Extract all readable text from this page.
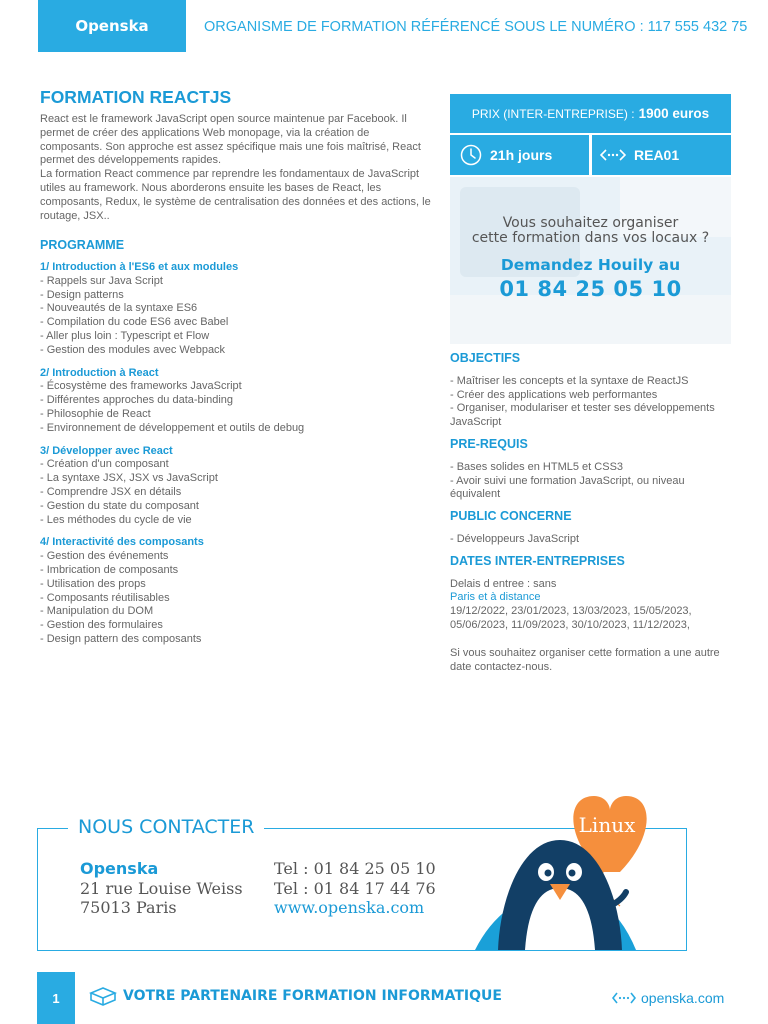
Openska	ORGANISME DE FORMATION RÉFÉRENCÉ SOUS LE NUMÉRO : 117 555 432 75
FORMATION REACTJS

React est le framework JavaScript open source maintenue par Facebook. Il permet de créer des applications Web monopage, via la création de composants. Son approche est assez spécifique mais une fois maîtrisé, React permet des développements rapides.

La formation React commence par reprendre les fondamentaux de JavaScript utiles au framework. Nous aborderons ensuite les bases de React, les composants, Redux, le système de centralisation des données et des actions, le routage, JSX..

PROGRAMME
1/ Introduction à l'ES6 et aux modules
- Rappels sur Java Script
- Design patterns
- Nouveautés de la syntaxe ES6
- Compilation du code ES6 avec Babel
- Aller plus loin : Typescript et Flow
- Gestion des modules avec Webpack
2/ Introduction à React
- Écosystème des frameworks JavaScript
- Différentes approches du data-binding
- Philosophie de React
- Environnement de développement et outils de debug
3/ Développer avec React
- Création d'un composant
- La syntaxe JSX, JSX vs JavaScript
- Comprendre JSX en détails
- Gestion du state du composant
- Les méthodes du cycle de vie
4/ Interactivité des composants
- Gestion des événements
- Imbrication de composants
- Utilisation des props
- Composants réutilisables
- Manipulation du DOM
- Gestion des formulaires
- Design pattern des composants
PRIX (INTER-ENTREPRISE) : 1900 euros
21h jours	REA01
Vous souhaitez organiser
cette formation dans vos locaux ?
Demandez Houily au
01 84 25 05 10
OBJECTIFS
- Maîtriser les concepts et la syntaxe de ReactJS
- Créer des applications web performantes
- Organiser, modulariser et tester ses développements JavaScript
PRE-REQUIS
- Bases solides en HTML5 et CSS3
- Avoir suivi une formation JavaScript, ou niveau équivalent
PUBLIC CONCERNE
- Développeurs JavaScript
DATES INTER-ENTREPRISES
Delais d entree : sans
Paris et à distance
19/12/2022, 23/01/2023, 13/03/2023, 15/05/2023, 05/06/2023, 11/09/2023, 30/10/2023, 11/12/2023,
Si vous souhaitez organiser cette formation a une autre date contactez-nous.
NOUS CONTACTER
Openska
21 rue Louise Weiss
75013 Paris
Tel : 01 84 25 05 10
Tel : 01 84 17 44 76
www.openska.com
Linux
1	VOTRE PARTENAIRE FORMATION INFORMATIQUE	openska.com
